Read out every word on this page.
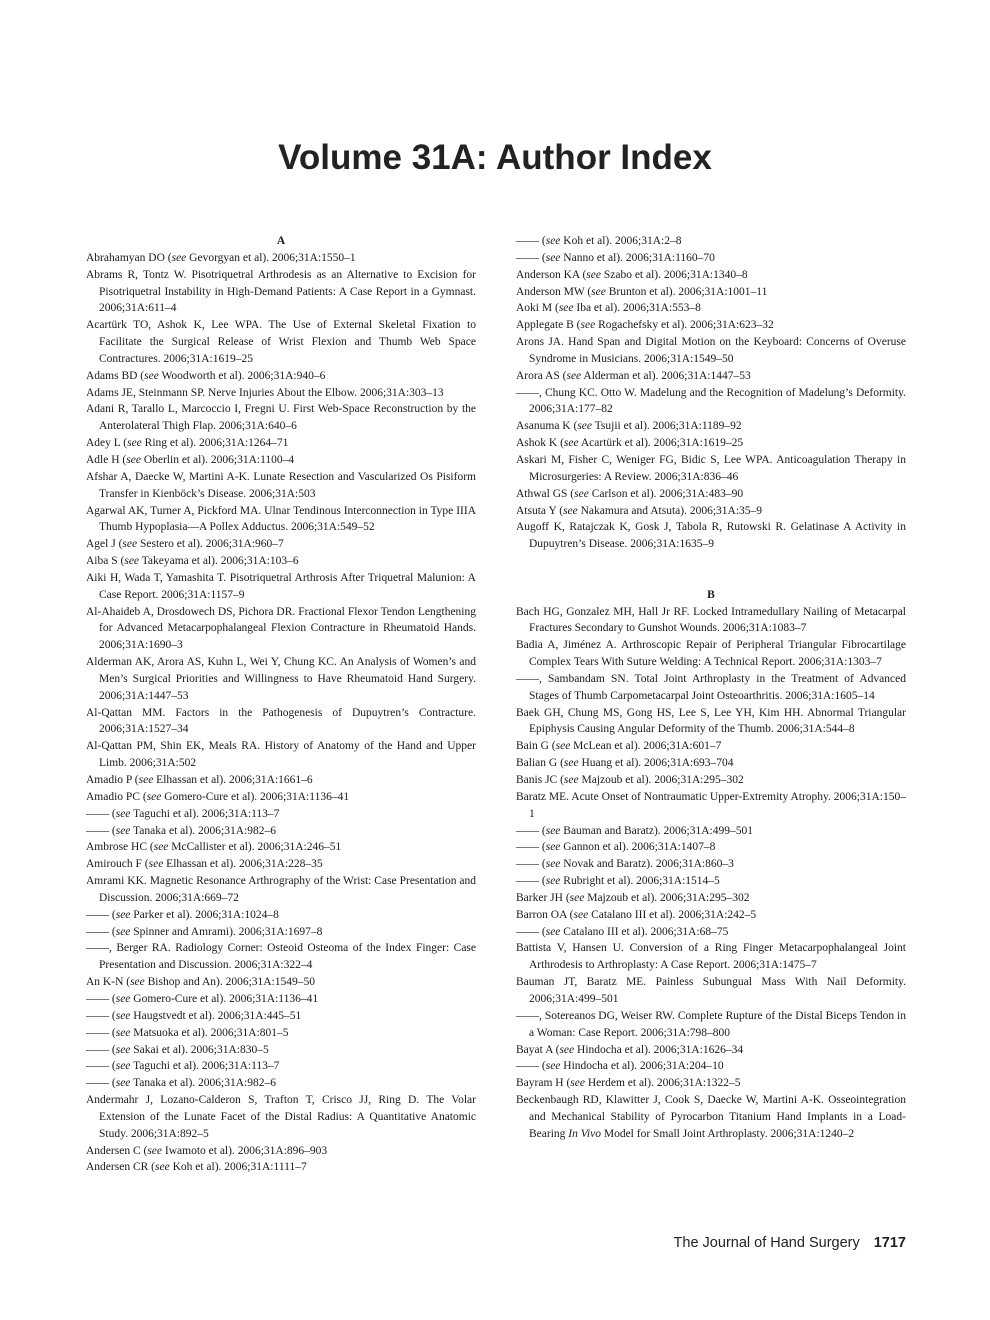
Volume 31A: Author Index

A

Abrahamyan DO (see Gevorgyan et al). 2006;31A:1550–1

Abrams R, Tontz W. Pisotriquetral Arthrodesis as an Alternative to Excision for Pisotriquetral Instability in High-Demand Patients: A Case Report in a Gymnast. 2006;31A:611–4

Acartürk TO, Ashok K, Lee WPA. The Use of External Skeletal Fixation to Facilitate the Surgical Release of Wrist Flexion and Thumb Web Space Contractures. 2006;31A:1619–25

Adams BD (see Woodworth et al). 2006;31A:940–6

Adams JE, Steinmann SP. Nerve Injuries About the Elbow. 2006;31A:303–13

Adani R, Tarallo L, Marcoccio I, Fregni U. First Web-Space Reconstruction by the Anterolateral Thigh Flap. 2006;31A:640–6

Adey L (see Ring et al). 2006;31A:1264–71

Adle H (see Oberlin et al). 2006;31A:1100–4

Afshar A, Daecke W, Martini A-K. Lunate Resection and Vascularized Os Pisiform Transfer in Kienböck’s Disease. 2006;31A:503

Agarwal AK, Turner A, Pickford MA. Ulnar Tendinous Interconnection in Type IIIA Thumb Hypoplasia—A Pollex Adductus. 2006;31A:549–52

Agel J (see Sestero et al). 2006;31A:960–7

Aiba S (see Takeyama et al). 2006;31A:103–6

Aiki H, Wada T, Yamashita T. Pisotriquetral Arthrosis After Triquetral Malunion: A Case Report. 2006;31A:1157–9

Al-Ahaideb A, Drosdowech DS, Pichora DR. Fractional Flexor Tendon Lengthening for Advanced Metacarpophalangeal Flexion Contracture in Rheumatoid Hands. 2006;31A:1690–3

Alderman AK, Arora AS, Kuhn L, Wei Y, Chung KC. An Analysis of Women’s and Men’s Surgical Priorities and Willingness to Have Rheumatoid Hand Surgery. 2006;31A:1447–53

Al-Qattan MM. Factors in the Pathogenesis of Dupuytren’s Contracture. 2006;31A:1527–34

Al-Qattan PM, Shin EK, Meals RA. History of Anatomy of the Hand and Upper Limb. 2006;31A:502

Amadio P (see Elhassan et al). 2006;31A:1661–6

Amadio PC (see Gomero-Cure et al). 2006;31A:1136–41

—— (see Taguchi et al). 2006;31A:113–7

—— (see Tanaka et al). 2006;31A:982–6

Ambrose HC (see McCallister et al). 2006;31A:246–51

Amirouch F (see Elhassan et al). 2006;31A:228–35

Amrami KK. Magnetic Resonance Arthrography of the Wrist: Case Presentation and Discussion. 2006;31A:669–72

—— (see Parker et al). 2006;31A:1024–8

—— (see Spinner and Amrami). 2006;31A:1697–8

——, Berger RA. Radiology Corner: Osteoid Osteoma of the Index Finger: Case Presentation and Discussion. 2006;31A:322–4

An K-N (see Bishop and An). 2006;31A:1549–50

—— (see Gomero-Cure et al). 2006;31A:1136–41

—— (see Haugstvedt et al). 2006;31A:445–51

—— (see Matsuoka et al). 2006;31A:801–5

—— (see Sakai et al). 2006;31A:830–5

—— (see Taguchi et al). 2006;31A:113–7

—— (see Tanaka et al). 2006;31A:982–6

Andermahr J, Lozano-Calderon S, Trafton T, Crisco JJ, Ring D. The Volar Extension of the Lunate Facet of the Distal Radius: A Quantitative Anatomic Study. 2006;31A:892–5

Andersen C (see Iwamoto et al). 2006;31A:896–903

Andersen CR (see Koh et al). 2006;31A:1111–7

—— (see Koh et al). 2006;31A:2–8

—— (see Nanno et al). 2006;31A:1160–70

Anderson KA (see Szabo et al). 2006;31A:1340–8

Anderson MW (see Brunton et al). 2006;31A:1001–11

Aoki M (see Iba et al). 2006;31A:553–8

Applegate B (see Rogachefsky et al). 2006;31A:623–32

Arons JA. Hand Span and Digital Motion on the Keyboard: Concerns of Overuse Syndrome in Musicians. 2006;31A:1549–50

Arora AS (see Alderman et al). 2006;31A:1447–53

——, Chung KC. Otto W. Madelung and the Recognition of Madelung’s Deformity. 2006;31A:177–82

Asanuma K (see Tsujii et al). 2006;31A:1189–92

Ashok K (see Acartürk et al). 2006;31A:1619–25

Askari M, Fisher C, Weniger FG, Bidic S, Lee WPA. Anticoagulation Therapy in Microsurgeries: A Review. 2006;31A:836–46

Athwal GS (see Carlson et al). 2006;31A:483–90

Atsuta Y (see Nakamura and Atsuta). 2006;31A:35–9

Augoff K, Ratajczak K, Gosk J, Tabola R, Rutowski R. Gelatinase A Activity in Dupuytren’s Disease. 2006;31A:1635–9

B

Bach HG, Gonzalez MH, Hall Jr RF. Locked Intramedullary Nailing of Metacarpal Fractures Secondary to Gunshot Wounds. 2006;31A:1083–7

Badia A, Jiménez A. Arthroscopic Repair of Peripheral Triangular Fibrocartilage Complex Tears With Suture Welding: A Technical Report. 2006;31A:1303–7

——, Sambandam SN. Total Joint Arthroplasty in the Treatment of Advanced Stages of Thumb Carpometacarpal Joint Osteoarthritis. 2006;31A:1605–14

Baek GH, Chung MS, Gong HS, Lee S, Lee YH, Kim HH. Abnormal Triangular Epiphysis Causing Angular Deformity of the Thumb. 2006;31A:544–8

Bain G (see McLean et al). 2006;31A:601–7

Balian G (see Huang et al). 2006;31A:693–704

Banis JC (see Majzoub et al). 2006;31A:295–302

Baratz ME. Acute Onset of Nontraumatic Upper-Extremity Atrophy. 2006;31A:150–1

—— (see Bauman and Baratz). 2006;31A:499–501

—— (see Gannon et al). 2006;31A:1407–8

—— (see Novak and Baratz). 2006;31A:860–3

—— (see Rubright et al). 2006;31A:1514–5

Barker JH (see Majzoub et al). 2006;31A:295–302

Barron OA (see Catalano III et al). 2006;31A:242–5

—— (see Catalano III et al). 2006;31A:68–75

Battista V, Hansen U. Conversion of a Ring Finger Metacarpophalangeal Joint Arthrodesis to Arthroplasty: A Case Report. 2006;31A:1475–7

Bauman JT, Baratz ME. Painless Subungual Mass With Nail Deformity. 2006;31A:499–501

——, Sotereanos DG, Weiser RW. Complete Rupture of the Distal Biceps Tendon in a Woman: Case Report. 2006;31A:798–800

Bayat A (see Hindocha et al). 2006;31A:1626–34

—— (see Hindocha et al). 2006;31A:204–10

Bayram H (see Herdem et al). 2006;31A:1322–5

Beckenbaugh RD, Klawitter J, Cook S, Daecke W, Martini A-K. Osseointegration and Mechanical Stability of Pyrocarbon Titanium Hand Implants in a Load-Bearing In Vivo Model for Small Joint Arthroplasty. 2006;31A:1240–2

The Journal of Hand Surgery 1717
